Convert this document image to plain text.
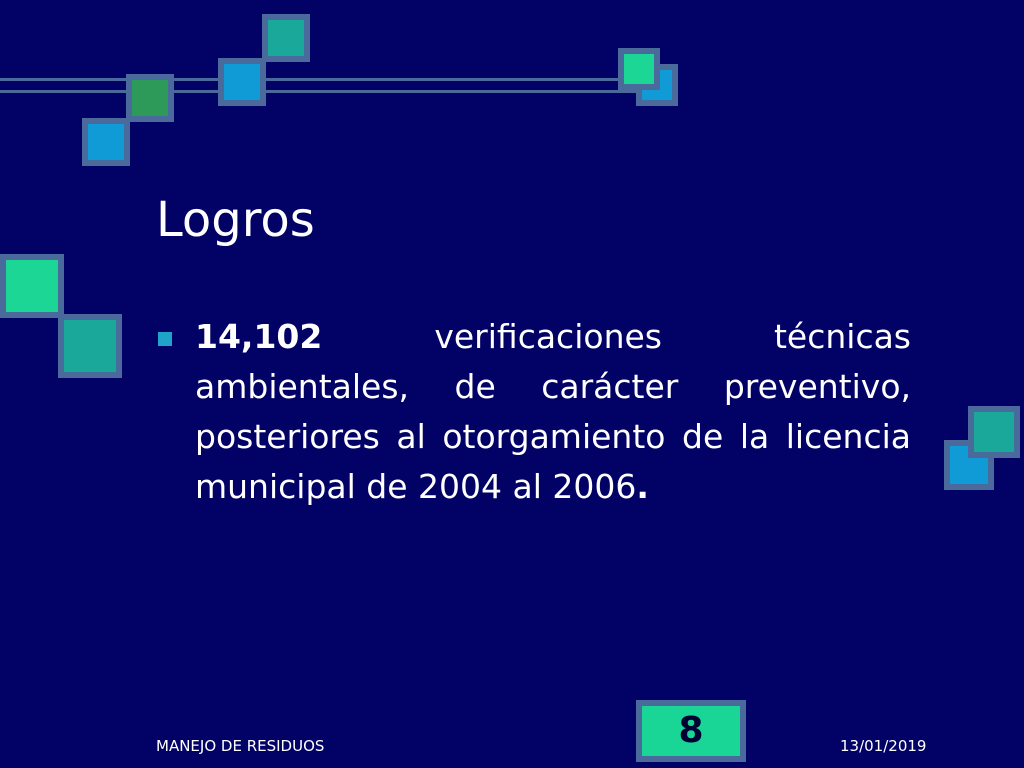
Logros
14,102 verificaciones técnicas ambientales, de carácter preventivo, posteriores al otorgamiento de la licencia municipal de 2004 al 2006.
MANEJO DE RESIDUOS	8	13/01/2019
